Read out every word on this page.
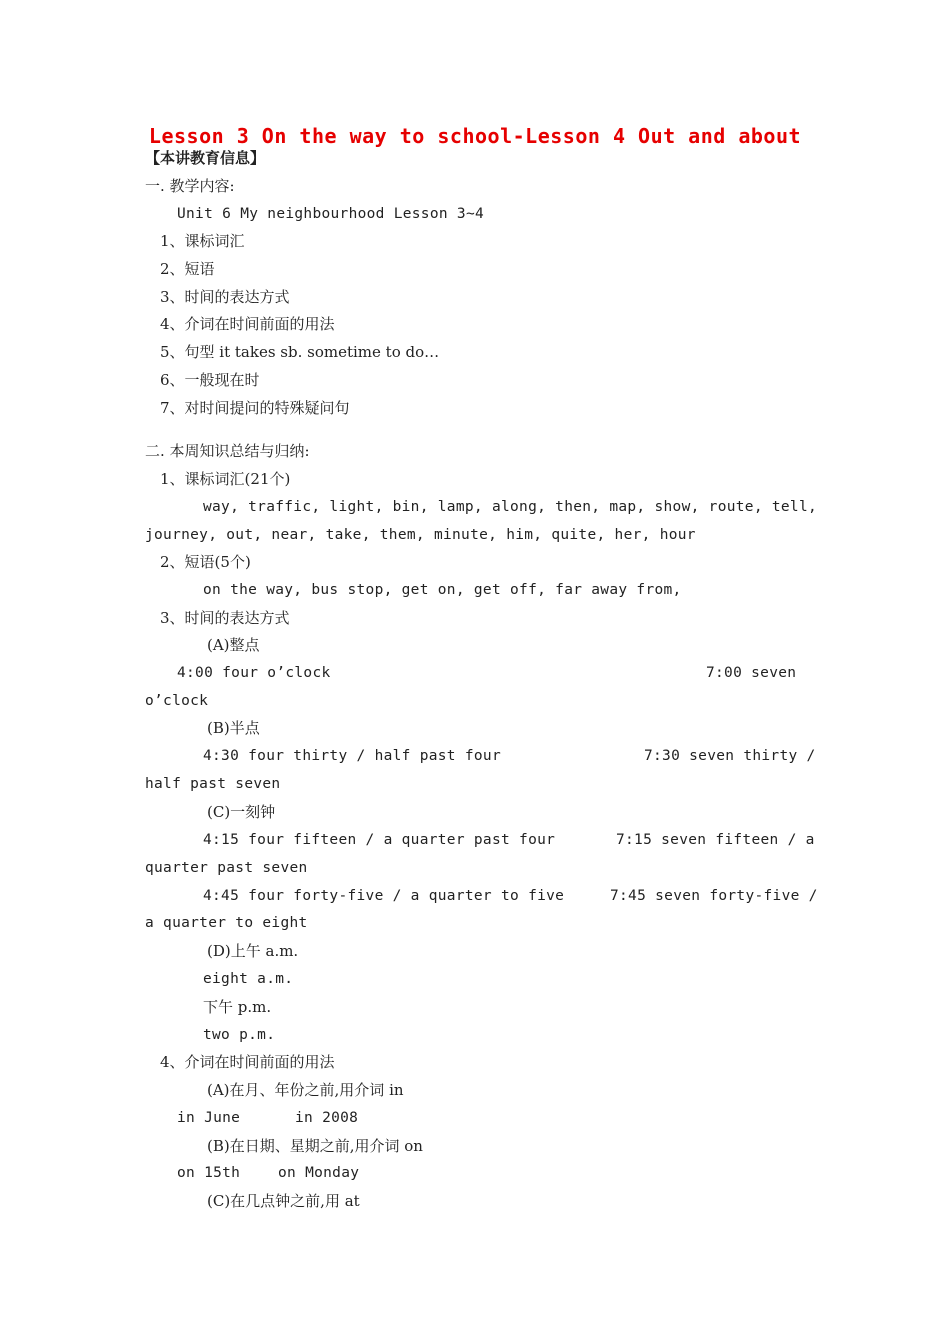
Lesson 3 On the way to school-Lesson 4 Out and about
【本讲教育信息】
一. 教学内容:
Unit 6 My neighbourhood Lesson 3~4
1、课标词汇
2、短语
3、时间的表达方式
4、介词在时间前面的用法
5、句型 it takes sb. sometime to do…
6、一般现在时
7、对时间提问的特殊疑问句
二. 本周知识总结与归纳:
1、课标词汇(21个)
way, traffic, light, bin, lamp, along, then, map, show, route, tell,
journey, out, near, take, them, minute, him, quite, her, hour
2、短语(5个)
on the way, bus stop, get on, get off, far away from,
3、时间的表达方式
(A)整点
4:00 four o’clock	7:00 seven
o’clock
(B)半点
4:30 four thirty / half past four	7:30 seven thirty /
half past seven
(C)一刻钟
4:15 four fifteen / a quarter past four	7:15 seven fifteen / a
quarter past seven
4:45 four forty-five / a quarter to five	7:45 seven forty-five /
a quarter to eight
(D)上午 a.m.
eight a.m.
下午 p.m.
two p.m.
4、介词在时间前面的用法
(A)在月、年份之前,用介词 in
in June	in 2008
(B)在日期、星期之前,用介词 on
on 15th	on Monday
(C)在几点钟之前,用 at
